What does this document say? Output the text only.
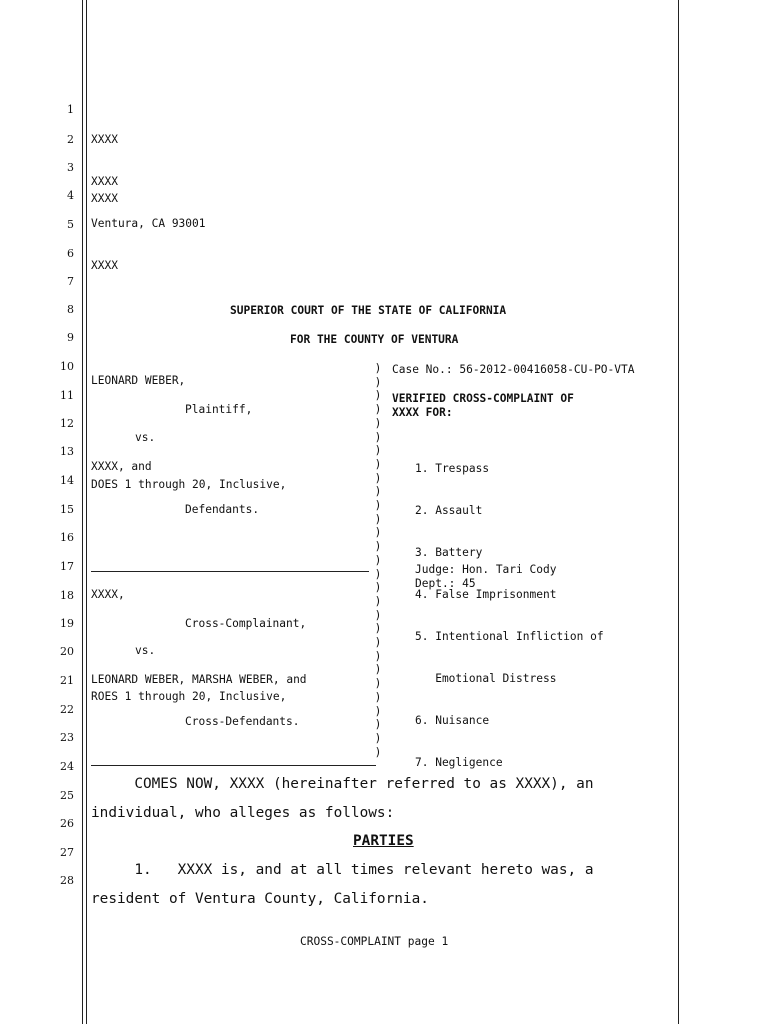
1
2
3
4
5
6
7
8
9
10
11
12
13
14
15
16
17
18
19
20
21
22
23
24
25
26
27
28

XXXX

XXXX

Ventura, CA 93001

XXXX

XXXX
SUPERIOR COURT OF THE STATE OF CALIFORNIA
FOR THE COUNTY OF VENTURA
LEONARD WEBER,
Plaintiff,
vs.
XXXX, and
DOES 1 through 20, Inclusive,
Defendants.
XXXX,
Cross-Complainant,
vs.
LEONARD WEBER, MARSHA WEBER, and
ROES 1 through 20, Inclusive,
Cross-Defendants.
)
)
)
)
)
)
)
)
)
)
)
)
)
)
)
)
)
)
)
)
)
)
)
)
)
)
)
)
)
Case No.: 56-2012-00416058-CU-PO-VTA
VERIFIED CROSS-COMPLAINT OF
XXXX FOR:

1. Trespass

2. Assault

3. Battery

4. False Imprisonment

5. Intentional Infliction of

Emotional Distress

6. Nuisance

7. Negligence

Judge: Hon. Tari Cody
Dept.: 45
COMES NOW, XXXX (hereinafter referred to as XXXX), an
individual, who alleges as follows:
PARTIES
1.   XXXX is, and at all times relevant hereto was, a
resident of Ventura County, California.
CROSS-COMPLAINT page 1
